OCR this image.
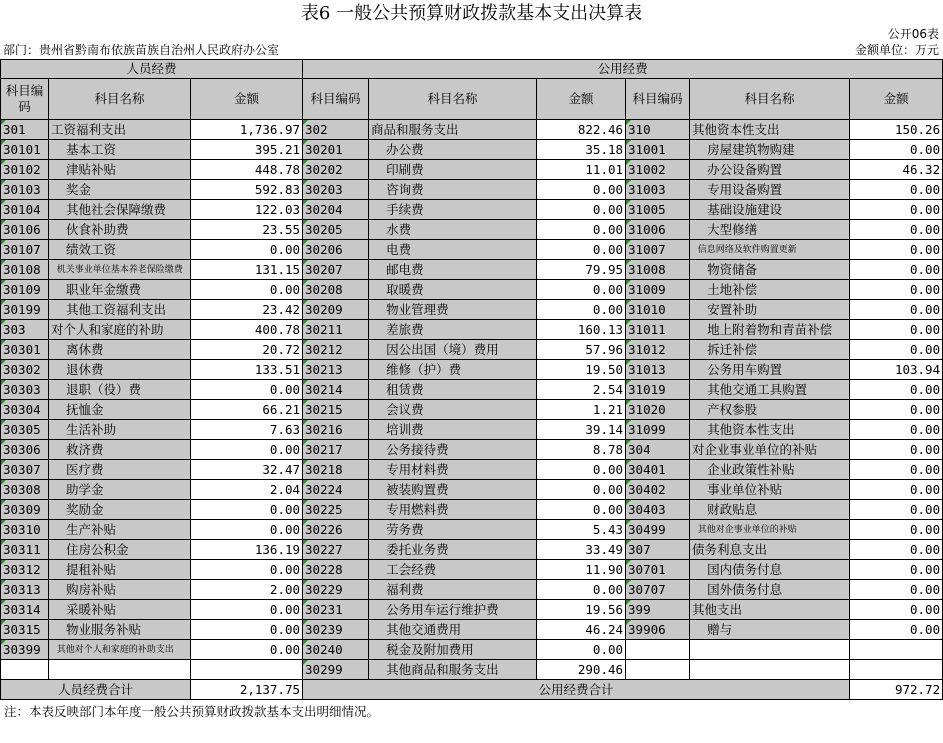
表6 一般公共预算财政拨款基本支出决算表
公开06表
部门：贵州省黔南布依族苗族自治州人民政府办公室	金额单位：万元
人员经费			公用经费					
科目编码	科目名称	金额	科目编码	科目名称	金额	科目编码	科目名称	金额
301	工资福利支出	1,736.97	302	商品和服务支出	822.46	310	其他资本性支出	150.26
30101	基本工资	395.21	30201	办公费	35.18	31001	房屋建筑物购建	0.00
30102	津贴补贴	448.78	30202	印刷费	11.01	31002	办公设备购置	46.32
30103	奖金	592.83	30203	咨询费	0.00	31003	专用设备购置	0.00
30104	其他社会保障缴费	122.03	30204	手续费	0.00	31005	基础设施建设	0.00
30106	伙食补助费	23.55	30205	水费	0.00	31006	大型修缮	0.00
30107	绩效工资	0.00	30206	电费	0.00	31007	信息网络及软件购置更新	0.00
30108	机关事业单位基本养老保险缴费	131.15	30207	邮电费	79.95	31008	物资储备	0.00
30109	职业年金缴费	0.00	30208	取暖费	0.00	31009	土地补偿	0.00
30199	其他工资福利支出	23.42	30209	物业管理费	0.00	31010	安置补助	0.00
303	对个人和家庭的补助	400.78	30211	差旅费	160.13	31011	地上附着物和青苗补偿	0.00
30301	离休费	20.72	30212	因公出国（境）费用	57.96	31012	拆迁补偿	0.00
30302	退休费	133.51	30213	维修（护）费	19.50	31013	公务用车购置	103.94
30303	退职（役）费	0.00	30214	租赁费	2.54	31019	其他交通工具购置	0.00
30304	抚恤金	66.21	30215	会议费	1.21	31020	产权参股	0.00
30305	生活补助	7.63	30216	培训费	39.14	31099	其他资本性支出	0.00
30306	救济费	0.00	30217	公务接待费	8.78	304	对企业事业单位的补贴	0.00
30307	医疗费	32.47	30218	专用材料费	0.00	30401	企业政策性补贴	0.00
30308	助学金	2.04	30224	被装购置费	0.00	30402	事业单位补贴	0.00
30309	奖励金	0.00	30225	专用燃料费	0.00	30403	财政贴息	0.00
30310	生产补贴	0.00	30226	劳务费	5.43	30499	其他对企事业单位的补贴	0.00
30311	住房公积金	136.19	30227	委托业务费	33.49	307	债务利息支出	0.00
30312	提租补贴	0.00	30228	工会经费	11.90	30701	国内债务付息	0.00
30313	购房补贴	2.00	30229	福利费	0.00	30707	国外债务付息	0.00
30314	采暖补贴	0.00	30231	公务用车运行维护费	19.56	399	其他支出	0.00
30315	物业服务补贴	0.00	30239	其他交通费用	46.24	39906	赠与	0.00
30399	其他对个人和家庭的补助支出	0.00	30240	税金及附加费用	0.00			
			30299	其他商品和服务支出	290.46			
人员经费合计		2,137.75	公用经费合计					972.72
注：本表反映部门本年度一般公共预算财政拨款基本支出明细情况。
